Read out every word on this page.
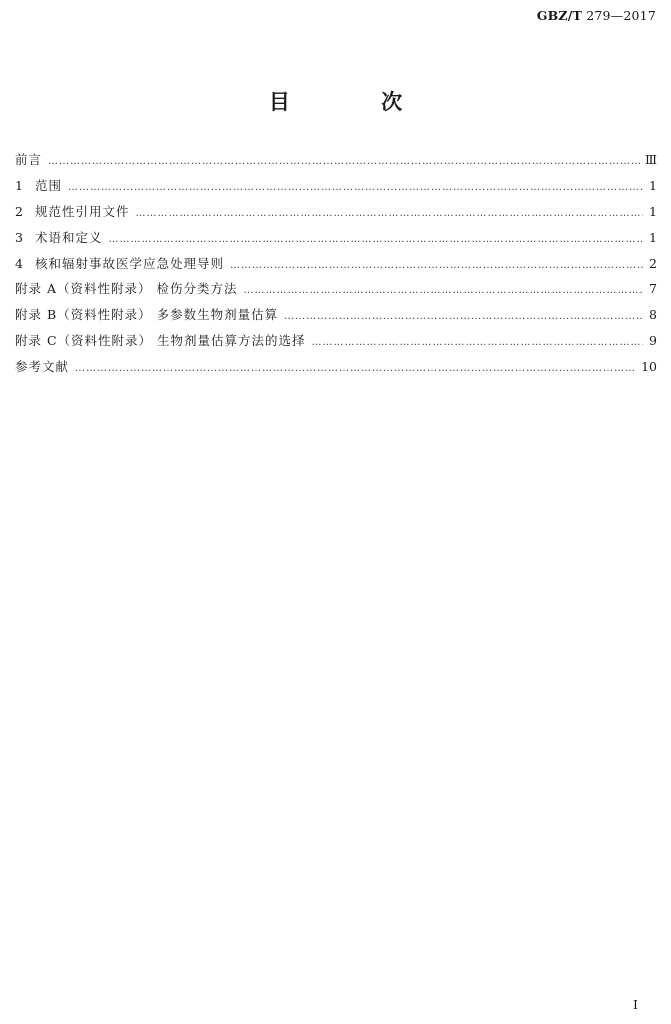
GBZ/T 279—2017
目 次
前言 …………………………………………………………………………………………………………………………………………………………………………………………………………	Ⅲ
1 范围 …………………………………………………………………………………………………………………………………………………………………………………………………………	1
2 规范性引用文件 …………………………………………………………………………………………………………………………………………………………………………………………………………	1
3 术语和定义 …………………………………………………………………………………………………………………………………………………………………………………………………………	1
4 核和辐射事故医学应急处理导则 …………………………………………………………………………………………………………………………………………………………………………………………………………	2
附录 A（资料性附录） 检伤分类方法 …………………………………………………………………………………………………………………………………………………………………………………………………………	7
附录 B（资料性附录） 多参数生物剂量估算 …………………………………………………………………………………………………………………………………………………………………………………………………………	8
附录 C（资料性附录） 生物剂量估算方法的选择 …………………………………………………………………………………………………………………………………………………………………………………………………………	9
参考文献 …………………………………………………………………………………………………………………………………………………………………………………………………………	10
Ⅰ
